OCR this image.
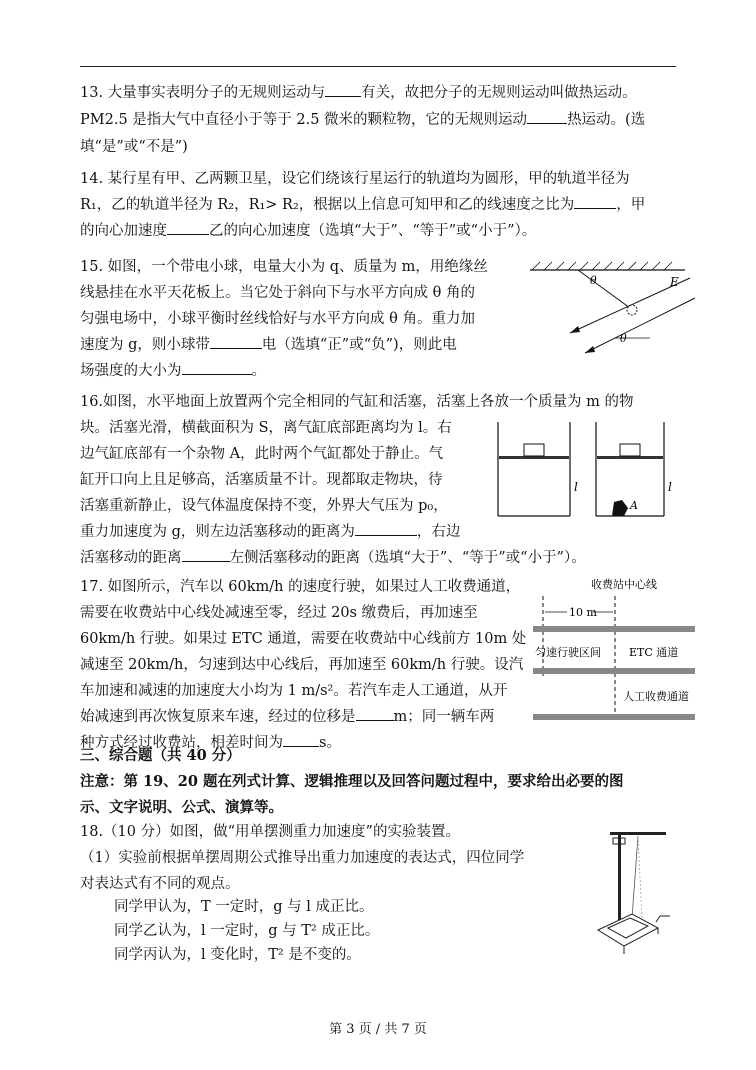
13. 大量事实表明分子的无规则运动与 有关，故把分子的无规则运动叫做热运动。
PM2.5 是指大气中直径小于等于 2.5 微米的颗粒物，它的无规则运动	热运动。(选
填“是”或“不是”)
14. 某行星有甲、乙两颗卫星，设它们绕该行星运行的轨道均为圆形，甲的轨道半径为
R₁，乙的轨道半径为 R₂，R₁> R₂，根据以上信息可知甲和乙的线速度之比为	，甲
的向心加速度	乙的向心加速度（选填“大于”、“等于”或“小于”）。
15. 如图，一个带电小球，电量大小为 q、质量为 m，用绝缘丝
线悬挂在水平天花板上。当它处于斜向下与水平方向成 θ 角的
匀强电场中，小球平衡时丝线恰好与水平方向成 θ 角。重力加
速度为 g，则小球带	电（选填“正”或“负”)，则此电
场强度的大小为	。
E
θ
θ
16.如图，水平地面上放置两个完全相同的气缸和活塞，活塞上各放一个质量为 m 的物
块。活塞光滑，横截面积为 S，离气缸底部距离均为 l。右
边气缸底部有一个杂物 A，此时两个气缸都处于静止。气
缸开口向上且足够高，活塞质量不计。现都取走物块，待
活塞重新静止，设气体温度保持不变，外界大气压为 p₀，
重力加速度为 g，则左边活塞移动的距离为	，右边
活塞移动的距离	左侧活塞移动的距离（选填“大于”、“等于”或“小于”）。
l
A
l
17. 如图所示，汽车以 60km/h 的速度行驶，如果过人工收费通道，
需要在收费站中心线处减速至零，经过 20s 缴费后，再加速至
60km/h 行驶。如果过 ETC 通道，需要在收费站中心线前方 10m 处
减速至 20km/h，匀速到达中心线后，再加速至 60km/h 行驶。设汽
车加速和减速的加速度大小均为 1 m/s²。若汽车走人工通道，从开
始减速到再次恢复原来车速，经过的位移是	m；同一辆车两
种方式经过收费站，相差时间为 s。
收费站中心线
10 m
匀速行驶区间	ETC 通道
人工收费通道
三、综合题（共 40 分）
注意：第 19、20 题在列式计算、逻辑推理以及回答问题过程中，要求给出必要的图
示、文字说明、公式、演算等。
18.（10 分）如图，做“用单摆测重力加速度”的实验装置。
（1）实验前根据单摆周期公式推导出重力加速度的表达式，四位同学
对表达式有不同的观点。
同学甲认为，T 一定时，g 与 l 成正比。
同学乙认为，l 一定时，g 与 T² 成正比。
同学丙认为，l 变化时，T² 是不变的。
第 3 页 / 共 7 页
